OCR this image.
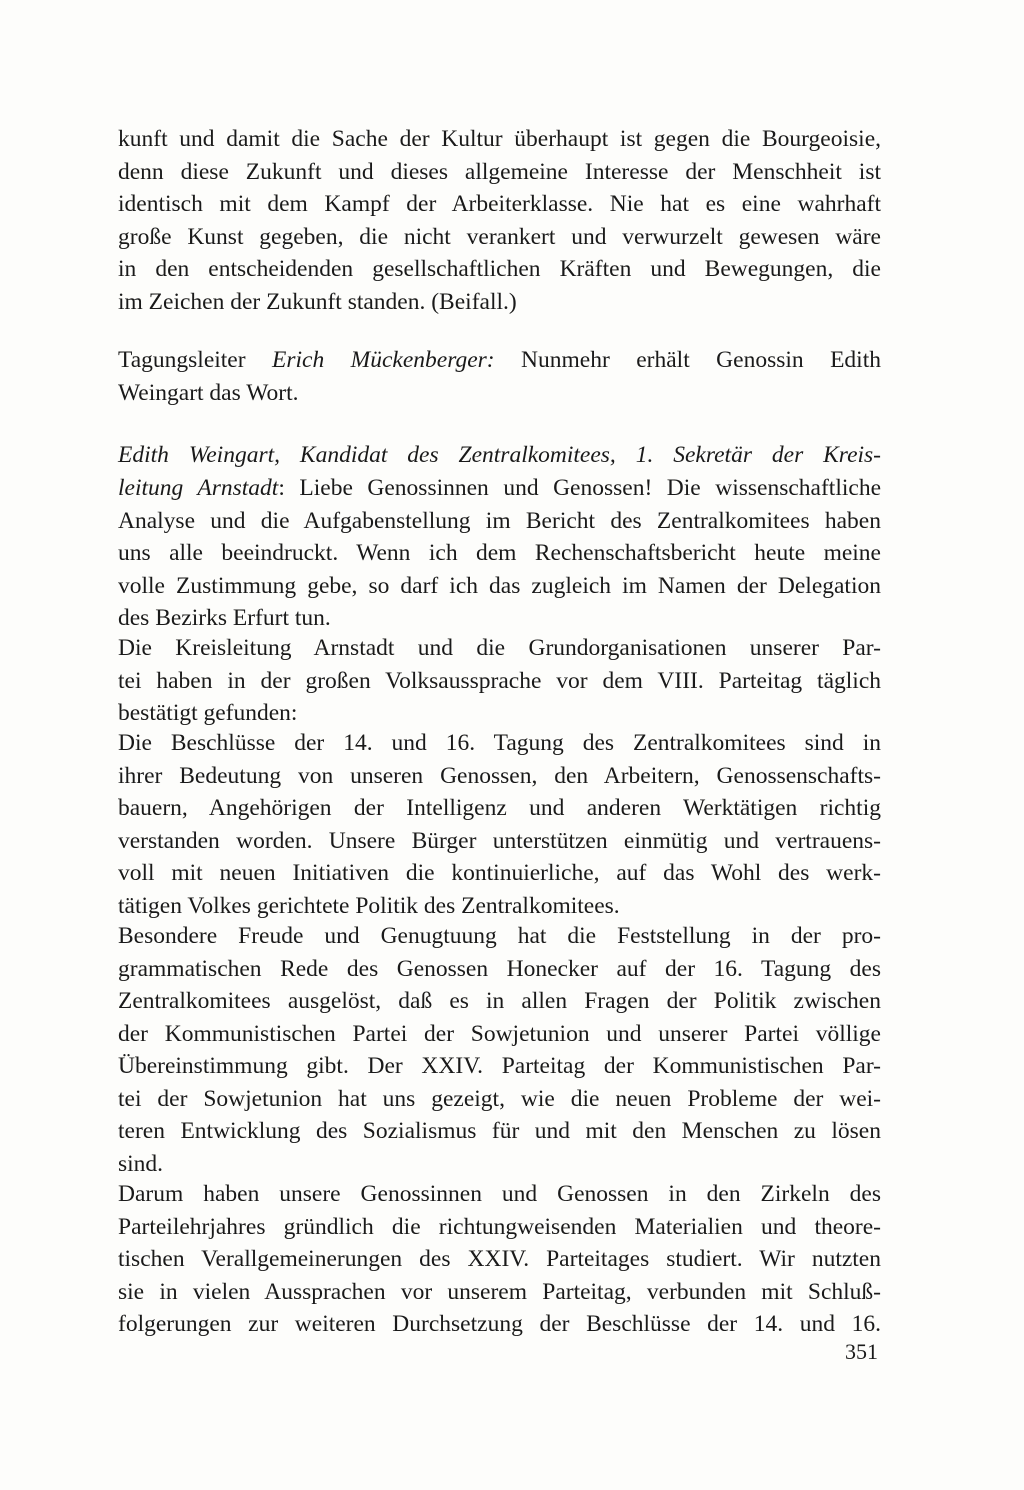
kunft und damit die Sache der Kultur überhaupt ist gegen die Bourgeoisie,
denn diese Zukunft und dieses allgemeine Interesse der Menschheit ist
identisch mit dem Kampf der Arbeiterklasse. Nie hat es eine wahrhaft
große Kunst gegeben, die nicht verankert und verwurzelt gewesen wäre
in den entscheidenden gesellschaftlichen Kräften und Bewegungen, die
im Zeichen der Zukunft standen. (Beifall.)
Tagungsleiter Erich Mückenberger: Nunmehr erhält Genossin Edith
Weingart das Wort.
Edith Weingart, Kandidat des Zentralkomitees, 1. Sekretär der Kreis-
leitung Arnstadt: Liebe Genossinnen und Genossen! Die wissenschaftliche
Analyse und die Aufgabenstellung im Bericht des Zentralkomitees haben
uns alle beeindruckt. Wenn ich dem Rechenschaftsbericht heute meine
volle Zustimmung gebe, so darf ich das zugleich im Namen der Delegation
des Bezirks Erfurt tun.
Die Kreisleitung Arnstadt und die Grundorganisationen unserer Par-
tei haben in der großen Volksaussprache vor dem VIII. Parteitag täglich
bestätigt gefunden:
Die Beschlüsse der 14. und 16. Tagung des Zentralkomitees sind in
ihrer Bedeutung von unseren Genossen, den Arbeitern, Genossenschafts-
bauern, Angehörigen der Intelligenz und anderen Werktätigen richtig
verstanden worden. Unsere Bürger unterstützen einmütig und vertrauens-
voll mit neuen Initiativen die kontinuierliche, auf das Wohl des werk-
tätigen Volkes gerichtete Politik des Zentralkomitees.
Besondere Freude und Genugtuung hat die Feststellung in der pro-
grammatischen Rede des Genossen Honecker auf der 16. Tagung des
Zentralkomitees ausgelöst, daß es in allen Fragen der Politik zwischen
der Kommunistischen Partei der Sowjetunion und unserer Partei völlige
Übereinstimmung gibt. Der XXIV. Parteitag der Kommunistischen Par-
tei der Sowjetunion hat uns gezeigt, wie die neuen Probleme der wei-
teren Entwicklung des Sozialismus für und mit den Menschen zu lösen
sind.
Darum haben unsere Genossinnen und Genossen in den Zirkeln des
Parteilehrjahres gründlich die richtungweisenden Materialien und theore-
tischen Verallgemeinerungen des XXIV. Parteitages studiert. Wir nutzten
sie in vielen Aussprachen vor unserem Parteitag, verbunden mit Schluß-
folgerungen zur weiteren Durchsetzung der Beschlüsse der 14. und 16.
351
